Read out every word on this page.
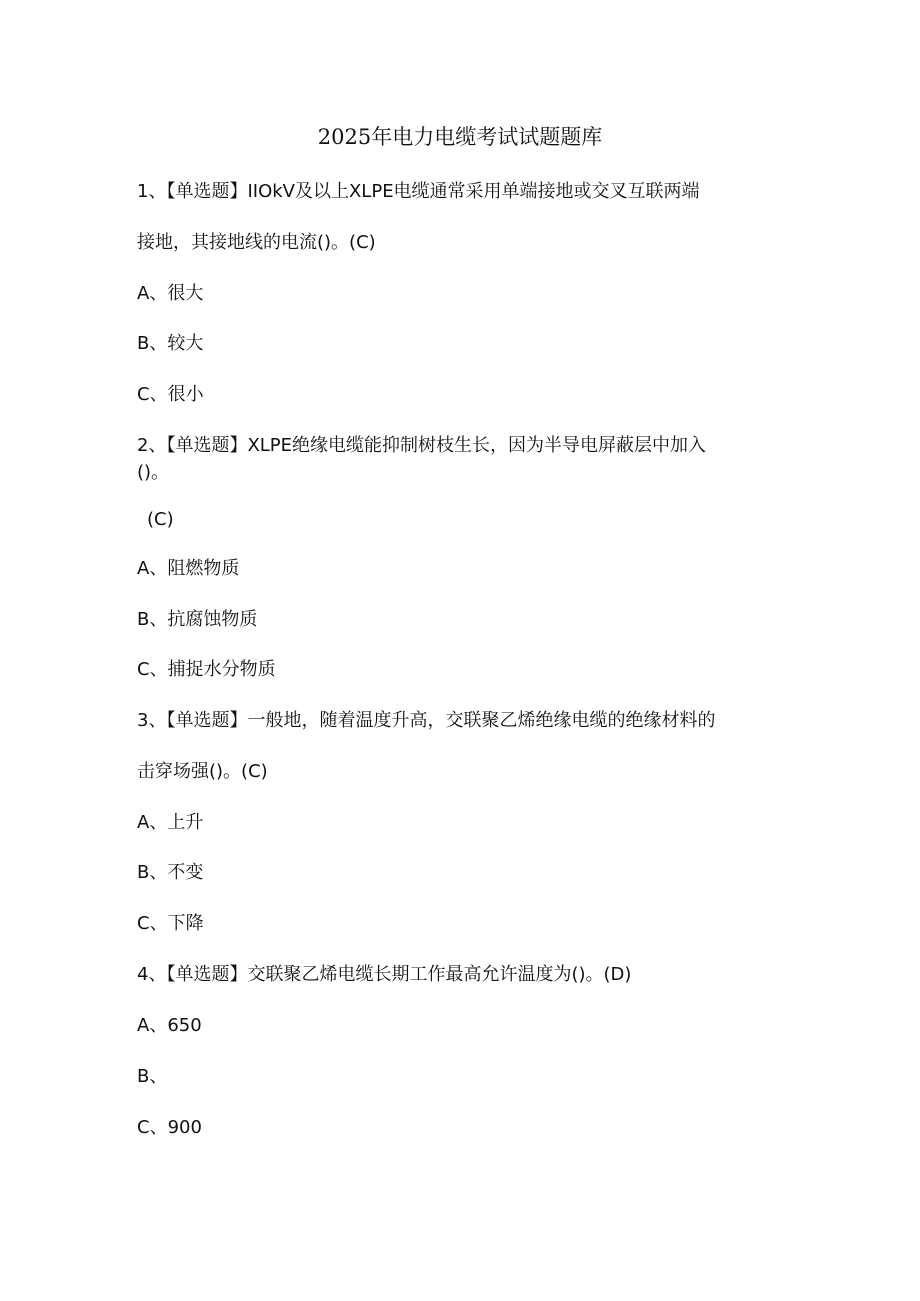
2025年电力电缆考试试题题库
1、【单选题】IIOkV及以上XLPE电缆通常采用单端接地或交叉互联两端
接地，其接地线的电流()。(C)
A、很大
B、较大
C、很小
2、【单选题】XLPE绝缘电缆能抑制树枝生长，因为半导电屏蔽层中加入
()。
(C)
A、阻燃物质
B、抗腐蚀物质
C、捕捉水分物质
3、【单选题】一般地，随着温度升高，交联聚乙烯绝缘电缆的绝缘材料的
击穿场强()。(C)
A、上升
B、不变
C、下降
4、【单选题】交联聚乙烯电缆长期工作最高允许温度为()。(D)
A、650
B、
C、900
